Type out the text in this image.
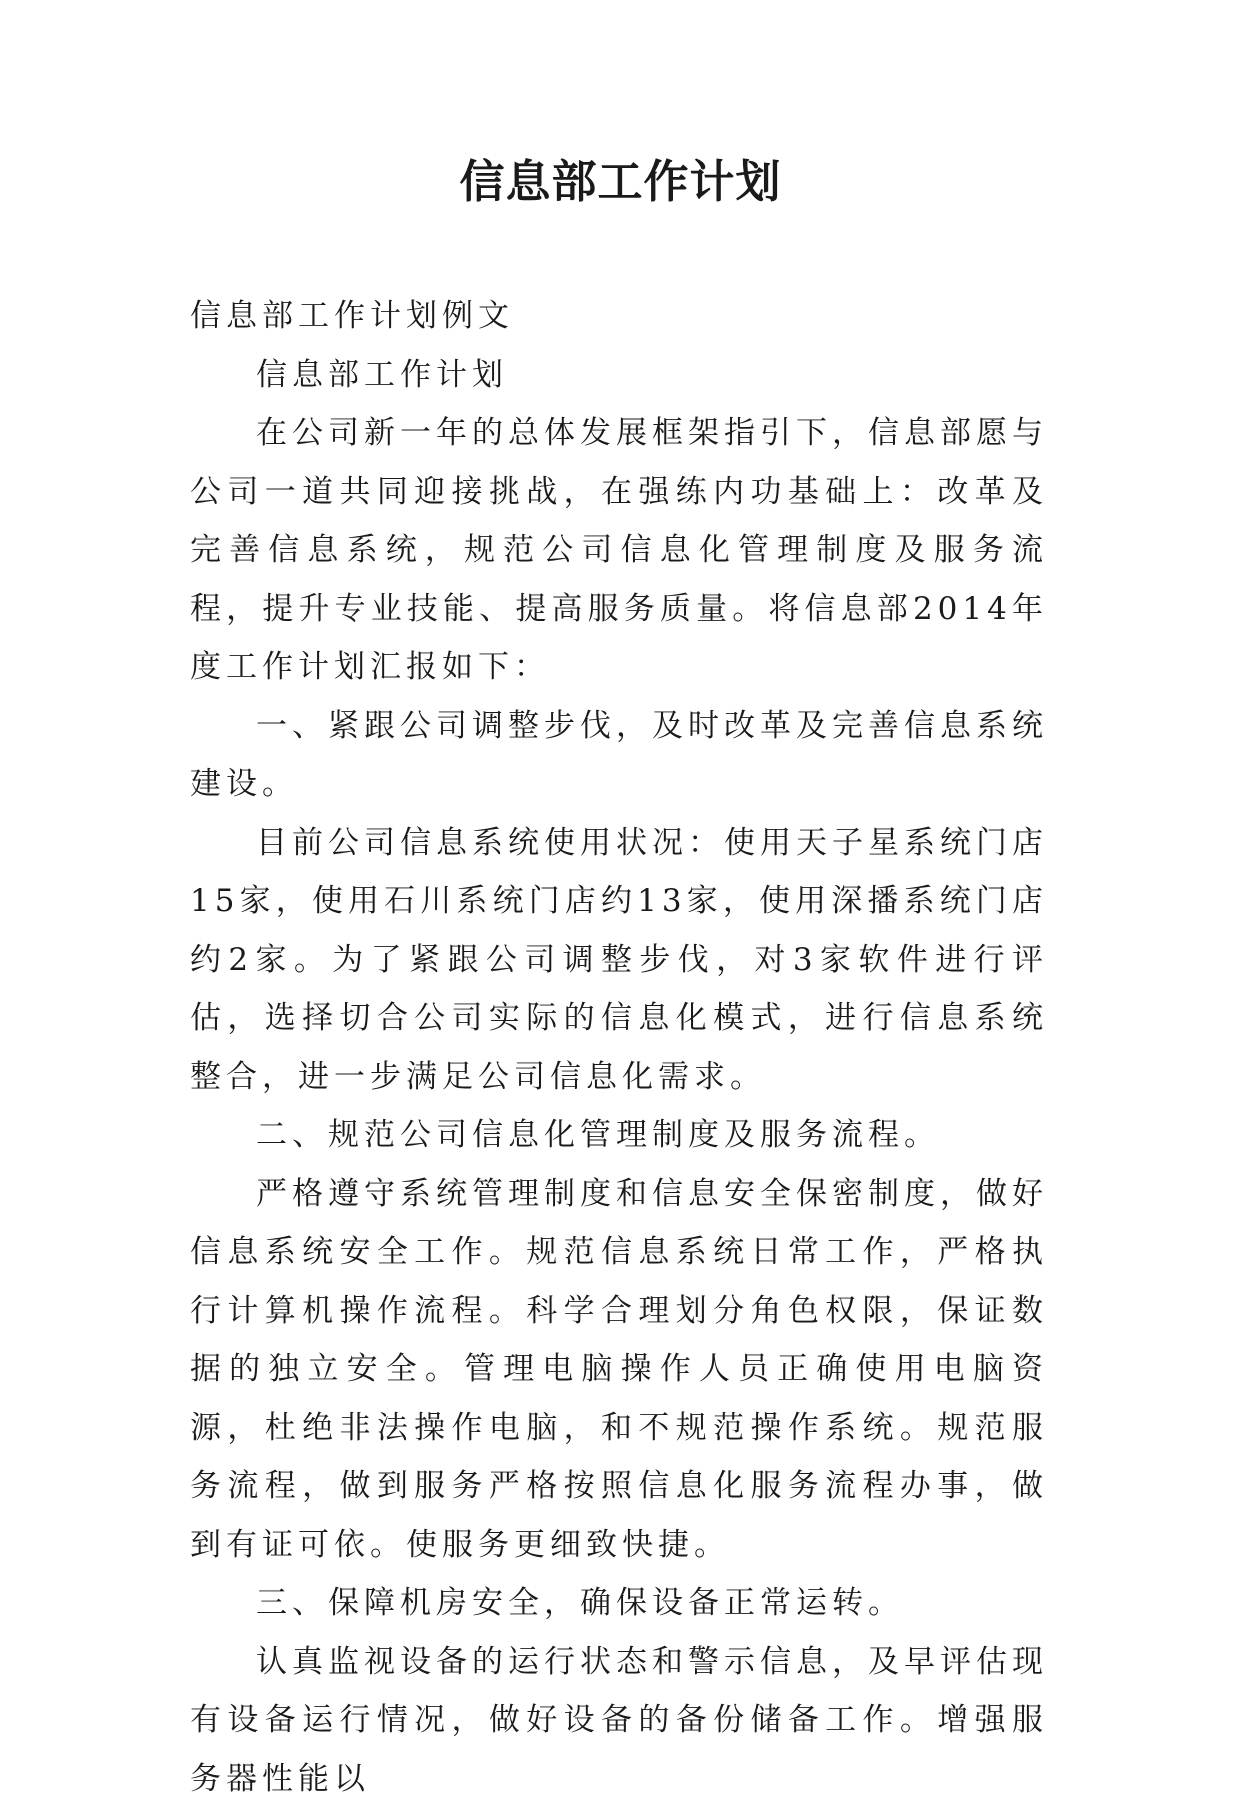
信息部工作计划

信息部工作计划例文

信息部工作计划

在公司新一年的总体发展框架指引下，信息部愿与公司一道共同迎接挑战，在强练内功基础上：改革及完善信息系统，规范公司信息化管理制度及服务流程，提升专业技能、提高服务质量。将信息部2014年度工作计划汇报如下：

一、紧跟公司调整步伐，及时改革及完善信息系统建设。

目前公司信息系统使用状况：使用天子星系统门店15家，使用石川系统门店约13家，使用深播系统门店约2家。为了紧跟公司调整步伐，对3家软件进行评估，选择切合公司实际的信息化模式，进行信息系统整合，进一步满足公司信息化需求。

二、规范公司信息化管理制度及服务流程。

严格遵守系统管理制度和信息安全保密制度，做好信息系统安全工作。规范信息系统日常工作，严格执行计算机操作流程。科学合理划分角色权限，保证数据的独立安全。管理电脑操作人员正确使用电脑资源，杜绝非法操作电脑，和不规范操作系统。规范服务流程，做到服务严格按照信息化服务流程办事，做到有证可依。使服务更细致快捷。

三、保障机房安全，确保设备正常运转。

认真监视设备的运行状态和警示信息，及早评估现有设备运行情况，做好设备的备份储备工作。增强服务器性能以
